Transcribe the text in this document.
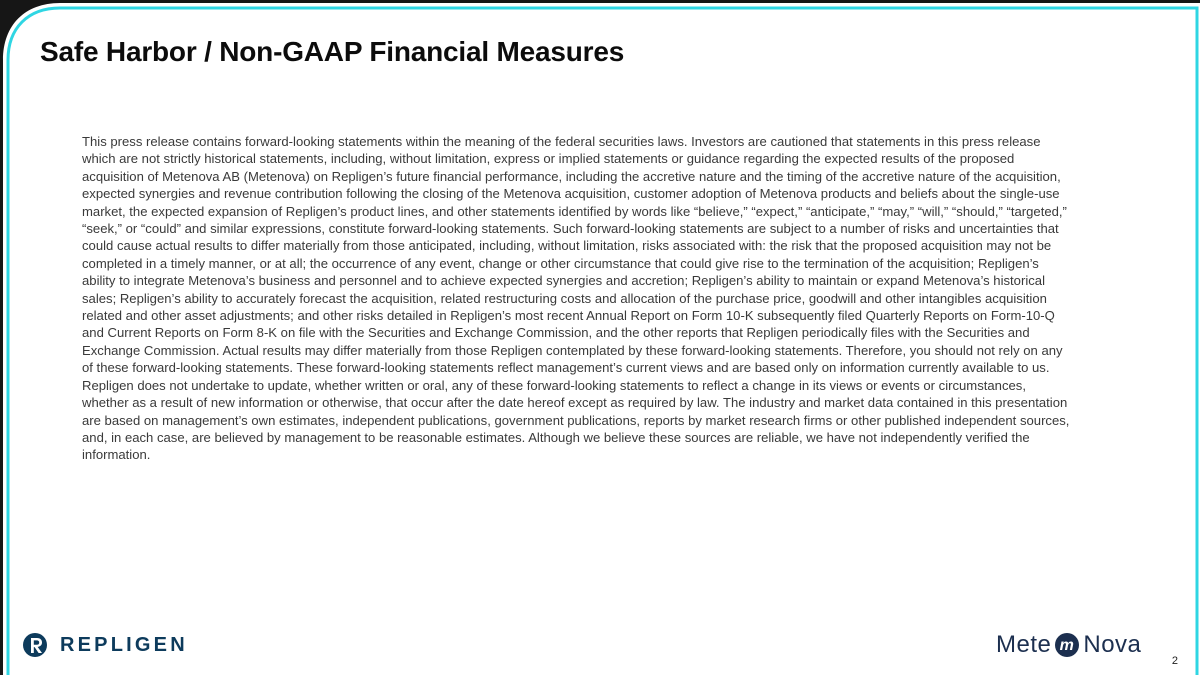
Safe Harbor / Non-GAAP Financial Measures

This press release contains forward-looking statements within the meaning of the federal securities laws. Investors are cautioned that statements in this press release which are not strictly historical statements, including, without limitation, express or implied statements or guidance regarding the expected results of the proposed acquisition of Metenova AB (Metenova) on Repligen’s future financial performance, including the accretive nature and the timing of the accretive nature of the acquisition, expected synergies and revenue contribution following the closing of the Metenova acquisition, customer adoption of Metenova products and beliefs about the single-use market, the expected expansion of Repligen’s product lines, and other statements identified by words like “believe,” “expect,” “anticipate,” “may,” “will,” “should,” “targeted,” “seek,” or “could” and similar expressions, constitute forward-looking statements. Such forward-looking statements are subject to a number of risks and uncertainties that could cause actual results to differ materially from those anticipated, including, without limitation, risks associated with: the risk that the proposed acquisition may not be completed in a timely manner, or at all; the occurrence of any event, change or other circumstance that could give rise to the termination of the acquisition; Repligen’s ability to integrate Metenova’s business and personnel and to achieve expected synergies and accretion; Repligen’s ability to maintain or expand Metenova’s historical sales; Repligen’s ability to accurately forecast the acquisition, related restructuring costs and allocation of the purchase price, goodwill and other intangibles acquisition related and other asset adjustments; and other risks detailed in Repligen’s most recent Annual Report on Form 10-K subsequently filed Quarterly Reports on Form-10-Q and Current Reports on Form 8-K on file with the Securities and Exchange Commission, and the other reports that Repligen periodically files with the Securities and Exchange Commission. Actual results may differ materially from those Repligen contemplated by these forward-looking statements. Therefore, you should not rely on any of these forward-looking statements. These forward-looking statements reflect management’s current views and are based only on information currently available to us. Repligen does not undertake to update, whether written or oral, any of these forward-looking statements to reflect a change in its views or events or circumstances, whether as a result of new information or otherwise, that occur after the date hereof except as required by law. The industry and market data contained in this presentation are based on management’s own estimates, independent publications, government publications, reports by market research firms or other published independent sources, and, in each case, are believed by management to be reasonable estimates. Although we believe these sources are reliable, we have not independently verified the information.

REPLIGEN	Mete m Nova
2
